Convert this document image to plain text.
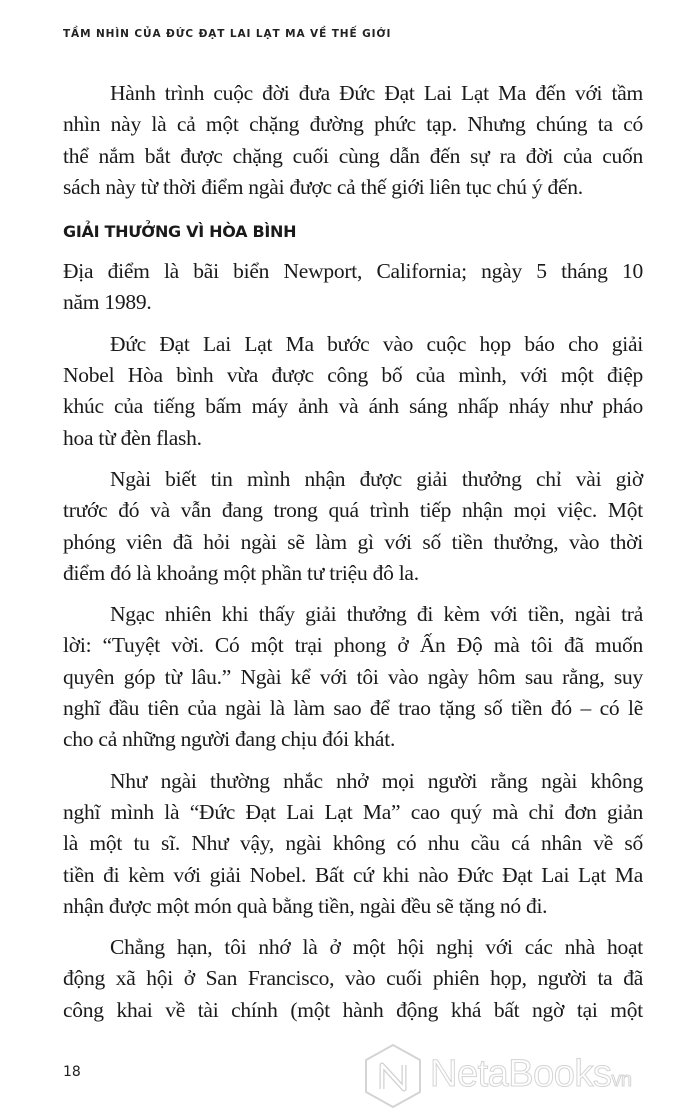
TẦM NHÌN CỦA ĐỨC ĐẠT LAI LẠT MA VỀ THẾ GIỚI
Hành trình cuộc đời đưa Đức Đạt Lai Lạt Ma đến với tầm
nhìn này là cả một chặng đường phức tạp. Nhưng chúng ta có
thể nắm bắt được chặng cuối cùng dẫn đến sự ra đời của cuốn
sách này từ thời điểm ngài được cả thế giới liên tục chú ý đến.
GIẢI THƯỞNG VÌ HÒA BÌNH
Địa điểm là bãi biển Newport, California; ngày 5 tháng 10
năm 1989.
Đức Đạt Lai Lạt Ma bước vào cuộc họp báo cho giải
Nobel Hòa bình vừa được công bố của mình, với một điệp
khúc của tiếng bấm máy ảnh và ánh sáng nhấp nháy như pháo
hoa từ đèn flash.
Ngài biết tin mình nhận được giải thưởng chỉ vài giờ
trước đó và vẫn đang trong quá trình tiếp nhận mọi việc. Một
phóng viên đã hỏi ngài sẽ làm gì với số tiền thưởng, vào thời
điểm đó là khoảng một phần tư triệu đô la.
Ngạc nhiên khi thấy giải thưởng đi kèm với tiền, ngài trả
lời: “Tuyệt vời. Có một trại phong ở Ấn Độ mà tôi đã muốn
quyên góp từ lâu.” Ngài kể với tôi vào ngày hôm sau rằng, suy
nghĩ đầu tiên của ngài là làm sao để trao tặng số tiền đó – có lẽ
cho cả những người đang chịu đói khát.
Như ngài thường nhắc nhở mọi người rằng ngài không
nghĩ mình là “Đức Đạt Lai Lạt Ma” cao quý mà chỉ đơn giản
là một tu sĩ. Như vậy, ngài không có nhu cầu cá nhân về số
tiền đi kèm với giải Nobel. Bất cứ khi nào Đức Đạt Lai Lạt Ma
nhận được một món quà bằng tiền, ngài đều sẽ tặng nó đi.
Chẳng hạn, tôi nhớ là ở một hội nghị với các nhà hoạt
động xã hội ở San Francisco, vào cuối phiên họp, người ta đã
công khai về tài chính (một hành động khá bất ngờ tại một
18	NetaBooksvn
